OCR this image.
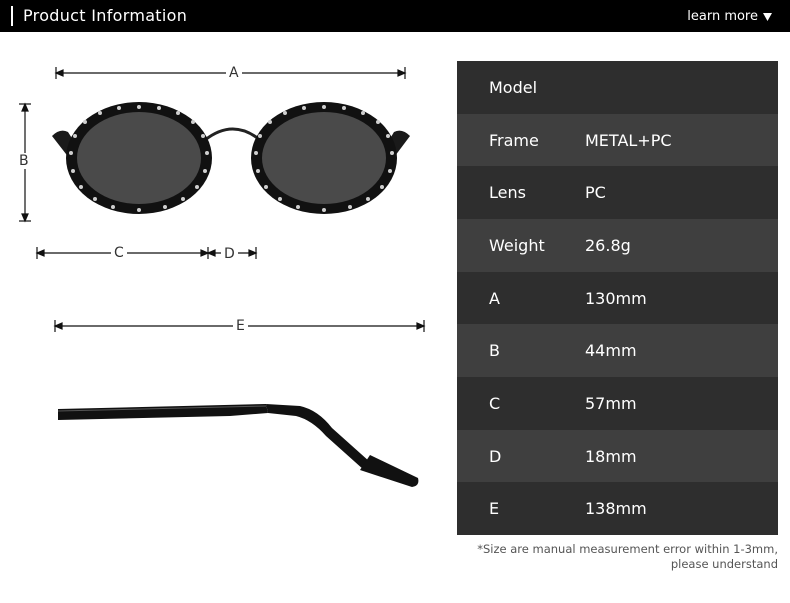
Product Information	learn more
A
B
C	D
E
Model
Frame	METAL+PC
Lens	PC
Weight	26.8g
A	130mm
B	44mm
C	57mm
D	18mm
E	138mm
*Size are manual measurement error within 1-3mm,
please understand
